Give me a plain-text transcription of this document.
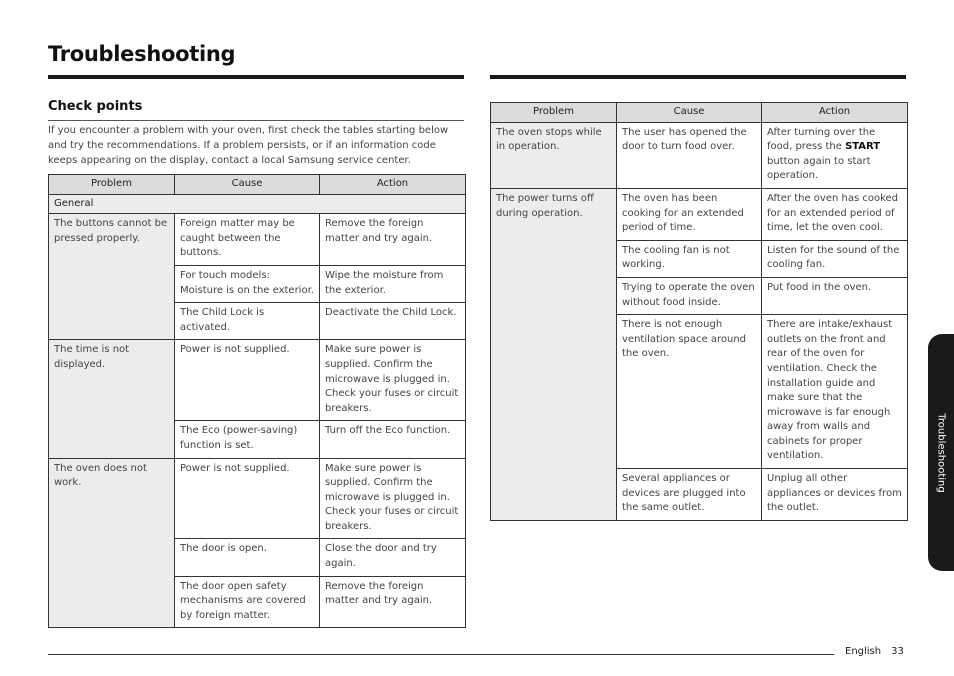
Troubleshooting
Check points
If you encounter a problem with your oven, first check the tables starting below and try the recommendations. If a problem persists, or if an information code keeps appearing on the display, contact a local Samsung service center.
Problem	Cause	Action
General		
The buttons cannot be pressed properly.	Foreign matter may be caught between the buttons.	Remove the foreign matter and try again.
	For touch models: Moisture is on the exterior.	Wipe the moisture from the exterior.
	The Child Lock is activated.	Deactivate the Child Lock.
The time is not displayed.	Power is not supplied.	Make sure power is supplied. Confirm the microwave is plugged in. Check your fuses or circuit breakers.
	The Eco (power-saving) function is set.	Turn off the Eco function.
The oven does not work.	Power is not supplied.	Make sure power is supplied. Confirm the microwave is plugged in. Check your fuses or circuit breakers.
	The door is open.	Close the door and try again.
	The door open safety mechanisms are covered by foreign matter.	Remove the foreign matter and try again.
Problem	Cause	Action
The oven stops while in operation.	The user has opened the door to turn food over.	After turning over the food, press the START button again to start operation.
The power turns off during operation.	The oven has been cooking for an extended period of time.	After the oven has cooked for an extended period of time, let the oven cool.
	The cooling fan is not working.	Listen for the sound of the cooling fan.
	Trying to operate the oven without food inside.	Put food in the oven.
	There is not enough ventilation space around the oven.	There are intake/exhaust outlets on the front and rear of the oven for ventilation. Check the installation guide and make sure that the microwave is far enough away from walls and cabinets for proper ventilation.
	Several appliances or devices are plugged into the same outlet.	Unplug all other appliances or devices from the outlet.
Troubleshooting
English 33
